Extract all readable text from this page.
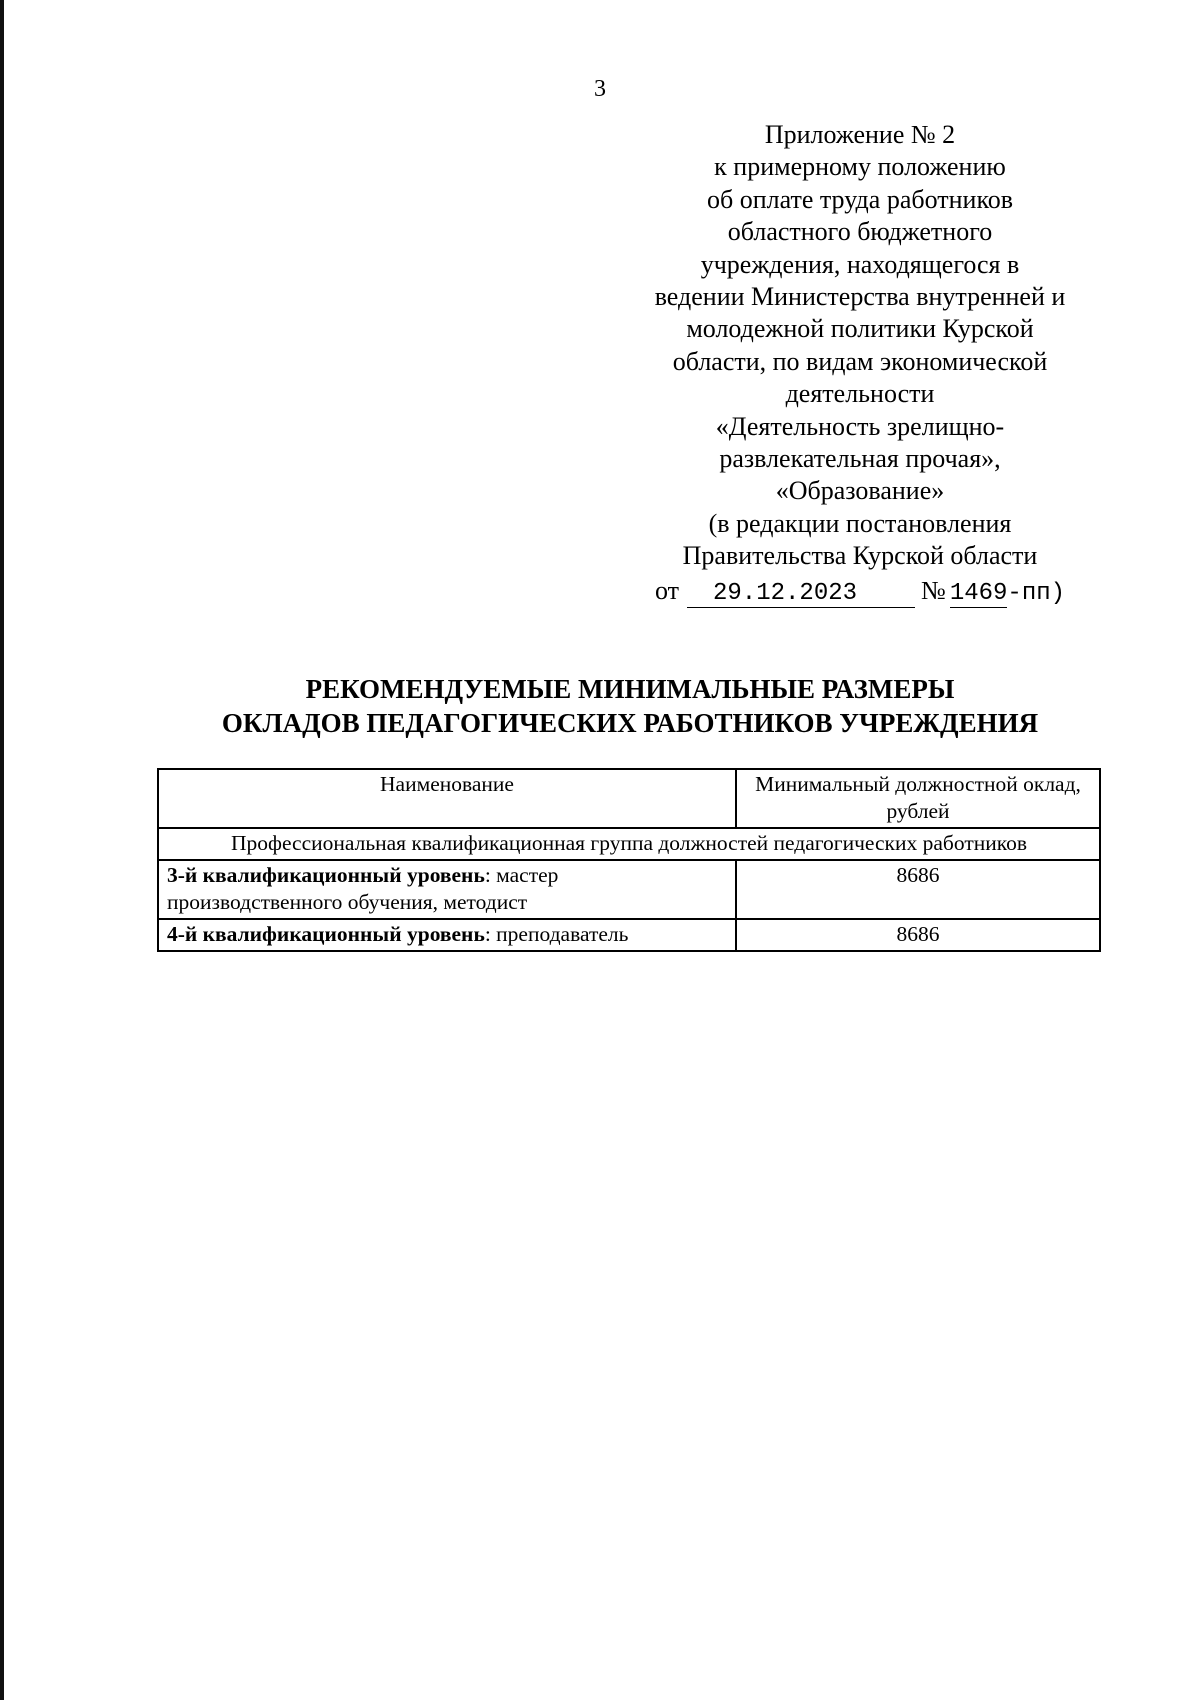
3
Приложение № 2
к примерному положению
об оплате труда работников
областного бюджетного
учреждения, находящегося в
ведении Министерства внутренней и
молодежной политики Курской
области, по видам экономической
деятельности
«Деятельность зрелищно-
развлекательная прочая»,
«Образование»
(в редакции постановления
Правительства Курской области
от 29.12.2023 № 1469-пп)
РЕКОМЕНДУЕМЫЕ МИНИМАЛЬНЫЕ РАЗМЕРЫ
ОКЛАДОВ ПЕДАГОГИЧЕСКИХ РАБОТНИКОВ УЧРЕЖДЕНИЯ
Наименование	Минимальный должностной оклад, рублей
Профессиональная квалификационная группа должностей педагогических работников	
3-й квалификационный уровень: мастер производственного обучения, методист	8686
4-й квалификационный уровень: преподаватель	8686
